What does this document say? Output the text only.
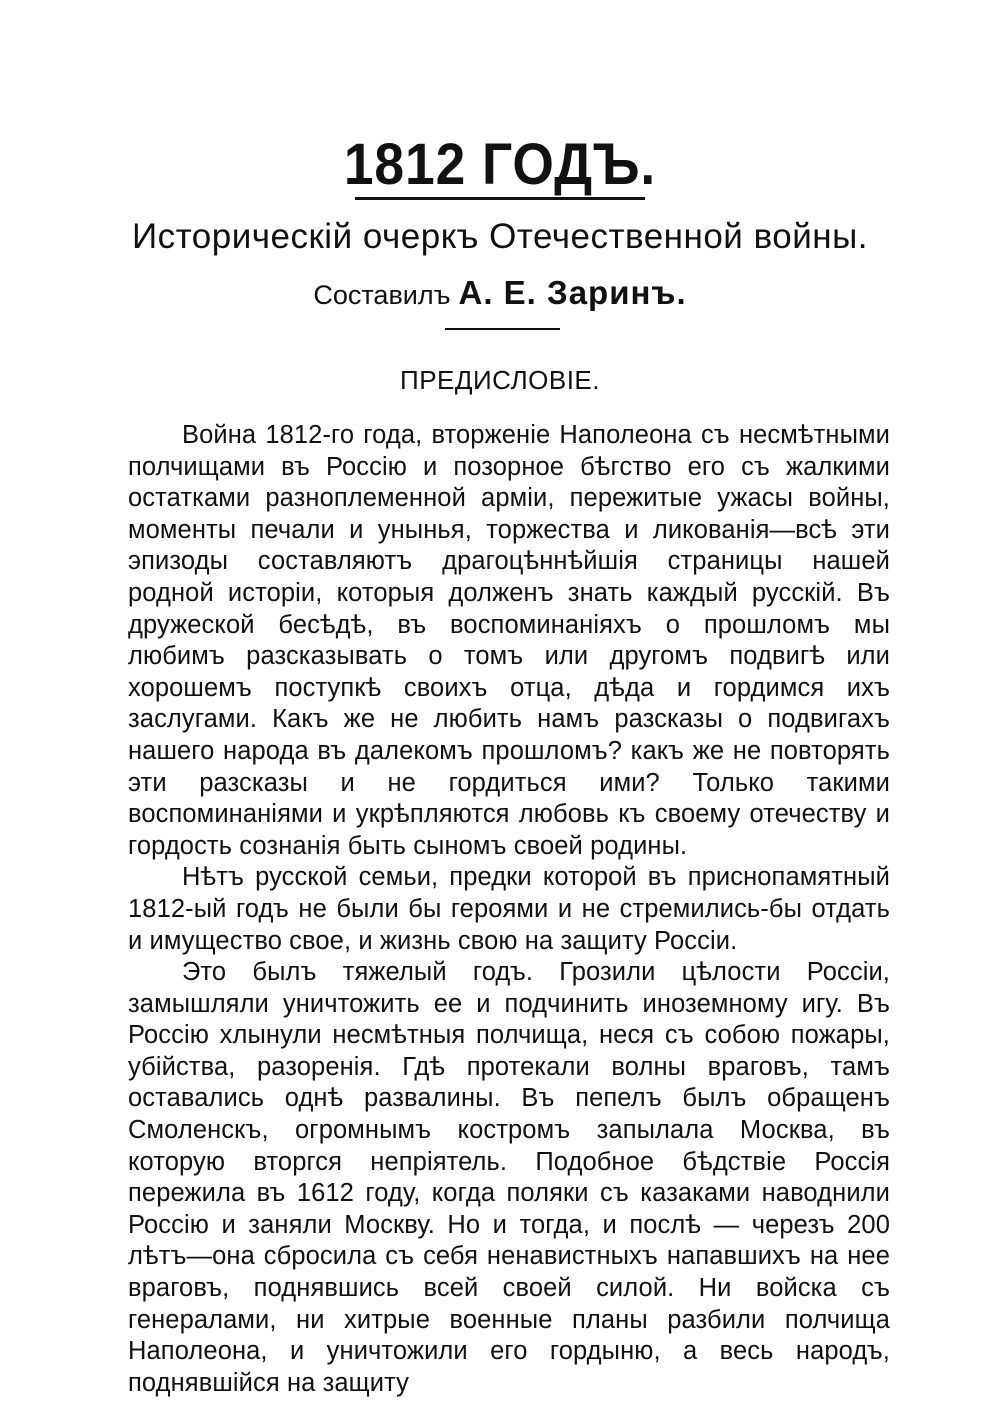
1812 ГОДЪ.
Историческій очеркъ Отечественной войны.
Составилъ А. Е. Заринъ.
ПРЕДИСЛОВІЕ.

Война 1812-го года, вторженіе Наполеона съ несмѣтными полчищами въ Россію и позорное бѣгство его съ жалкими остатками разноплеменной арміи, пережитые ужасы войны, моменты печали и унынья, торжества и ликованія—всѣ эти эпизоды составляютъ драгоцѣннѣйшія страницы нашей родной исторіи, которыя долженъ знать каждый русскій. Въ дружеской бесѣдѣ, въ воспоминаніяхъ о прошломъ мы любимъ разсказывать о томъ или другомъ подвигѣ или хорошемъ поступкѣ своихъ отца, дѣда и гордимся ихъ заслугами. Какъ же не любить намъ разсказы о подвигахъ нашего народа въ далекомъ прошломъ? какъ же не повторять эти разсказы и не гордиться ими? Только такими воспоминаніями и укрѣпляются любовь къ своему отечеству и гордость сознанія быть сыномъ своей родины.

Нѣтъ русской семьи, предки которой въ приснопамятный 1812-ый годъ не были бы героями и не стремились-бы отдать и имущество свое, и жизнь свою на защиту Россіи.

Это былъ тяжелый годъ. Грозили цѣлости Россіи, замышляли уничтожить ее и подчинить иноземному игу. Въ Россію хлынули несмѣтныя полчища, неся съ собою пожары, убійства, разоренія. Гдѣ протекали волны враговъ, тамъ оставались однѣ развалины. Въ пепелъ былъ обращенъ Смоленскъ, огромнымъ костромъ запылала Москва, въ которую вторгся непріятель. Подобное бѣдствіе Россія пережила въ 1612 году, когда поляки съ казаками наводнили Россію и заняли Москву. Но и тогда, и послѣ — черезъ 200 лѣтъ—она сбросила съ себя ненавистныхъ напавшихъ на нее враговъ, поднявшись всей своей силой. Ни войска съ генералами, ни хитрые военные планы разбили полчища Наполеона, и уничтожили его гордыню, а весь народъ, поднявшійся на защиту
